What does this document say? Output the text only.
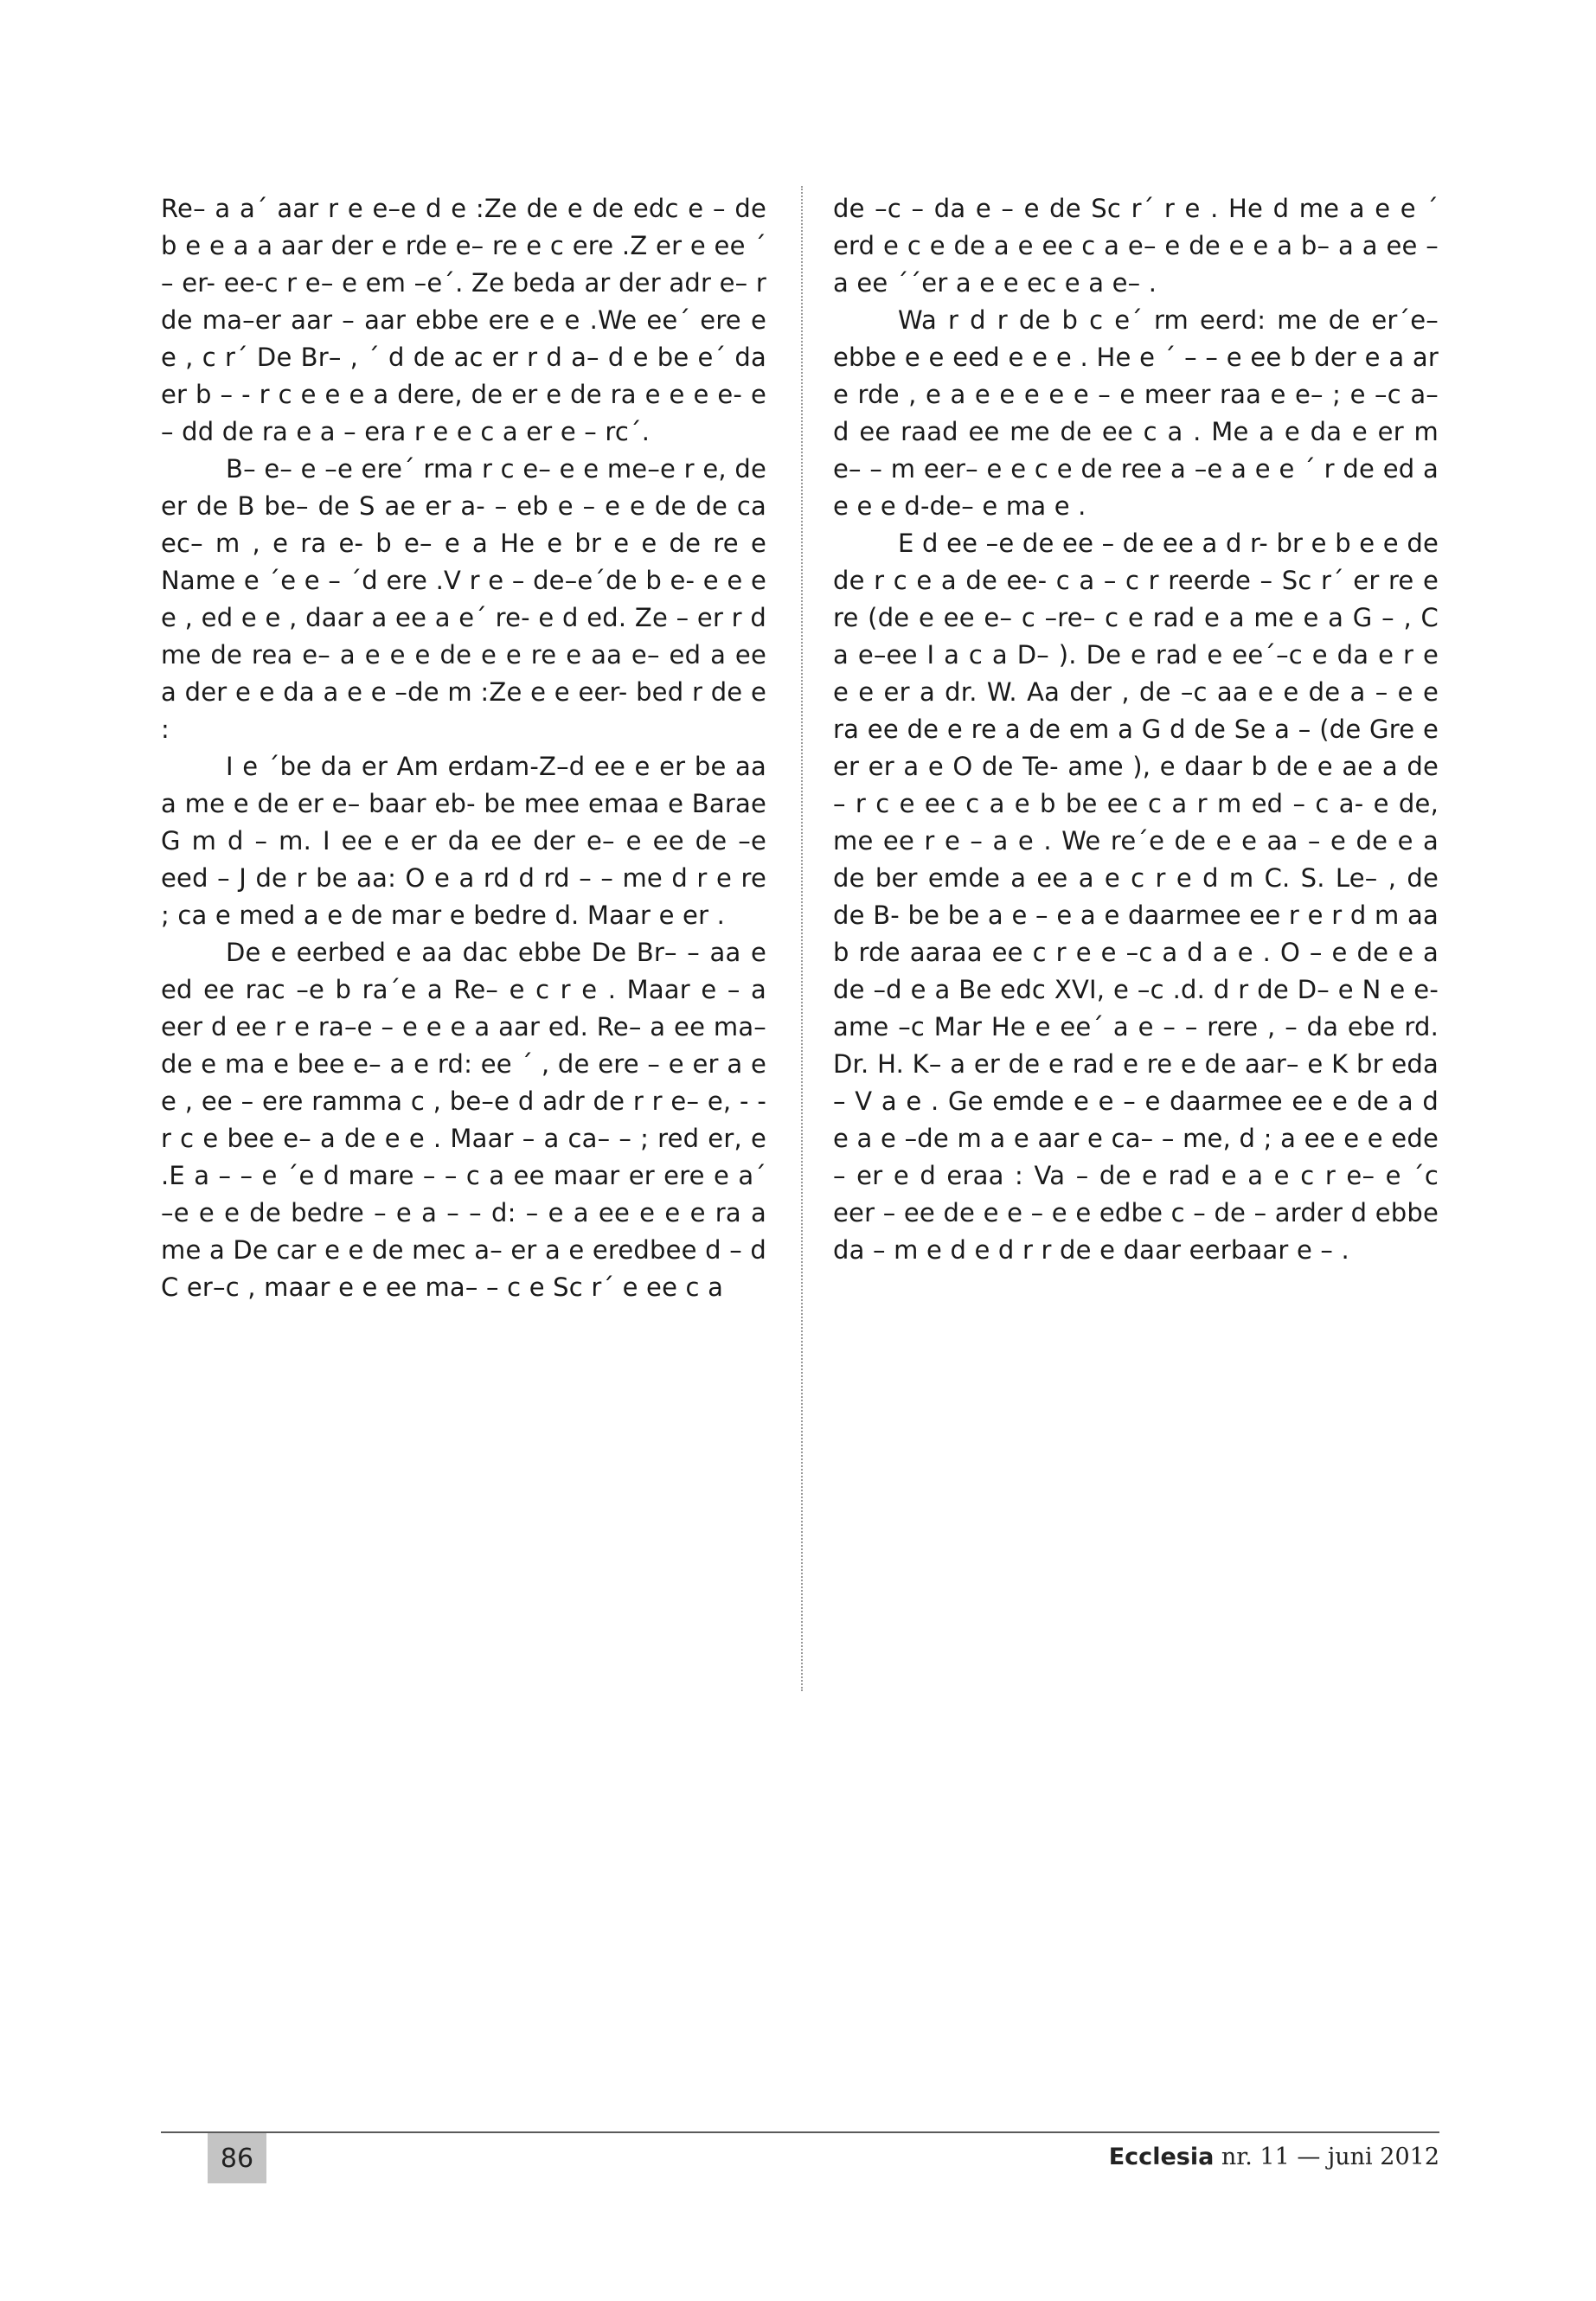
Re– a a´ aar r e e–e d e :Ze de e de edc e – de b e e a a aar der e rde e– re e c ere .Z er e ee ´ – er- ee-c r e– e em –e´. Ze beda ar der adr e– r de ma–er aar – aar ebbe ere e e .We ee´ ere e e , c r´ De Br– , ´ d de ac er r d a– d e be e´ da er b – - r c e e e a dere, de er e de ra e e e e- e – dd de ra e a – era r e e c a er e – rc´.

B– e– e –e ere´ rma r c e– e e me–e r e, de er de B be– de S ae er a- – eb e – e e de de ca ec– m , e ra e- b e– e a He e br e e de re e Name e ´e e – ´d ere .V r e – de–e´de b e- e e e e , ed e e , daar a ee a e´ re- e d ed. Ze – er r d me de rea e– a e e e de e e re e aa e– ed a ee a der e e da a e e –de m :Ze e e eer- bed r de e :

I e ´be da er Am erdam-Z–d ee e er be aa a me e de er e– baar eb- be mee emaa e Barae G m d – m. I ee e er da ee der e– e ee de –e eed – J de r be aa: O e a rd d rd – – me d r e re ; ca e med a e de mar e bedre d. Maar e er .

De e eerbed e aa dac ebbe De Br– – aa e ed ee rac –e b ra´e a Re– e c r e . Maar e – a eer d ee r e ra–e – e e e a aar ed. Re– a ee ma– de e ma e bee e– a e rd: ee ´ , de ere – e er a e e , ee – ere ramma c , be–e d adr de r r e– e, - - r c e bee e– a de e e . Maar – a ca– – ; red er, e .E a – – e ´e d mare – – c a ee maar er ere e a´ –e e e de bedre – e a – – d: – e a ee e e e ra a me a De car e e de mec a– er a e eredbee d – d C er–c , maar e e ee ma– – c e Sc r´ e ee c a

de –c – da e – e de Sc r´ r e . He d me a e e ´ erd e c e de a e ee c a e– e de e e a b– a a ee – a ee ´´er a e e ec e a e– .

Wa r d r de b c e´ rm eerd: me de er´e– ebbe e e eed e e e . He e ´ – – e ee b der e a ar e rde , e a e e e e e – e meer raa e e– ; e –c a– d ee raad ee me de ee c a . Me a e da e er m e– – m eer– e e c e de ree a –e a e e ´ r de ed a e e e d-de– e ma e .

E d ee –e de ee – de ee a d r- br e b e e de de r c e a de ee- c a – c r reerde – Sc r´ er re e re (de e ee e– c –re– c e rad e a me e a G – , C a e–ee I a c a D– ). De e rad e ee´–c e da e r e e e er a dr. W. Aa der , de –c aa e e de a – e e ra ee de e re a de em a G d de Se a – (de Gre e er er a e O de Te- ame ), e daar b de e ae a de – r c e ee c a e b be ee c a r m ed – c a- e de, me ee r e – a e . We re´e de e e aa – e de e a de ber emde a ee a e c r e d m C. S. Le– , de de B- be be a e – e a e daarmee ee r e r d m aa b rde aaraa ee c r e e –c a d a e . O – e de e a de –d e a Be edc XVI, e –c .d. d r de D– e N e e- ame –c Mar He e ee´ a e – – rere , – da ebe rd. Dr. H. K– a er de e rad e re e de aar– e K br eda – V a e . Ge emde e e – e daarmee ee e de a d e a e –de m a e aar e ca– – me, d ; a ee e e ede – er e d eraa : Va – de e rad e a e c r e– e ´c eer – ee de e e – e e edbe c – de – arder d ebbe da – m e d e d r r de e daar eerbaar e – .

86	Ecclesia nr. 11 — juni 2012
